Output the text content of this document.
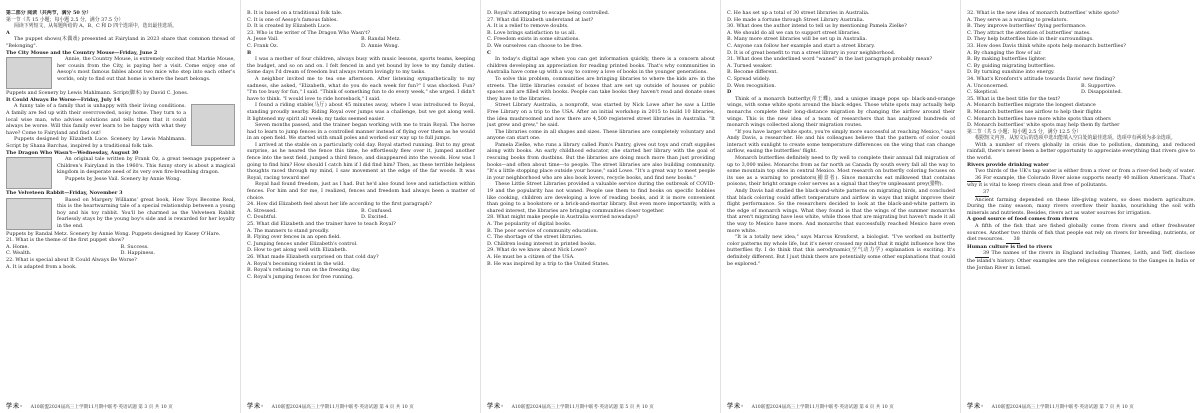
第二部分 阅读（共两节，满分 50 分）

第一节（共 15 小题；每小题 2.5 分，满分 37.5 分）

阅读下列短文，从每题所给的 A、B、C 和 D 四个选项中，选出最佳选项。

A

The puppet shows(木偶戏) presented at Fairyland in 2023 share that common thread of "Belonging".

The City Mouse and the Country Mouse—Friday, June 2

Annie, the Country Mouse, is extremely excited that Markie Mouse, her cousin from the City, is paying her a visit. Come enjoy one of Aesop's most famous fables about two mice who step into each other's worlds, only to find out that home is where the heart belongs.

Puppets and Scenery by Lewis Mahlmann. Script(脚本) by David C. Jones.

It Could Always Be Worse—Friday, July 14

A funny tale of a family that is unhappy with their living conditions. A family are fed up with their overcrowded, noisy home. They turn to a local wise man, who advises solutions and tells them that it could always be worse. Will this family ever learn to be happy with what they have? Come to Fairyland and find out!

Puppets designed by Elizabeth Luce. Scenery by Lewis Mahlmann. Script by Shana Barchas, inspired by a traditional folk tale.

The Dragon Who Wasn't—Wednesday, August 30

An original tale written by Frank Oz, a great teenage puppeteer a Children's Fairyland in the 1960's. This funny story is about a magical kingdom in desperate need of its very own fire-breathing dragon.

Puppets by Jesse Vail. Scenery by Annie Wong.

The Velveteen Rabbit—Friday, November 3

Based on Margery Williams' great book, How Toys Become Real, this is the heartwarming tale of a special relationship between a young boy and his toy rabbit. You'll be charmed as the Velveteen Rabbit fearlessly stays by the young boy's side and is rewarded for her loyalty in the end.

Puppets by Randal Metz. Scenery by Annie Wong. Puppets designed by Kasey O'Hare.

21. What is the theme of the first puppet show?

A. Home.	B. Success.

C. Wealth.	D. Happiness.

22. What is special about It Could Always Be Worse?

A. It is adapted from a book.

学未· A10联盟2024届高三上学期11月期中联考·英语试题 第 3 页 共 10 页

B. It is based on a traditional folk tale.

C. It is one of Aesop's famous fables.

D. It is created by Elizabeth Luce.

23. Who is the writer of The Dragon Who Wasn't?

A. Jesse Vail.	B. Randal Metz.

C. Frank Oz.	D. Annie Wong.

B

I was a mother of four children, always busy with music lessons, sports teams, keeping the budget, and so on and on. I felt fenced in and yet bound by love to my family duties. Some days I'd dream of freedom but always return lovingly to my tasks.

A neighbor invited me to tea one afternoon. After listening sympathetically to my sadness, she asked, "Elizabeth, what do you do each week for fun?" I was shocked. Fun? "I'm too busy for fun," I said. "Think of something fun to do every week," she urged. I didn't have to think. "I would love to ride horseback," I said.

I found a riding stable(马厅) about 45 minutes away, where I was introduced to Royal, standing proudly nearby. Riding Royal over jumps was a challenge, but we got along well. It lightened my spirit all week; my tasks seemed easier.

Seven months passed, and the trainer began working with me to train Royal. The horse had to learn to jump fences in a controlled manner instead of flying over them as he would in an open field. We started with small poles and worked our way up to full jumps.

I arrived at the stable on a particularly cold day. Royal started running. But to my great surprise, as he neared the fence this time, he effortlessly flew over it, jumped another fence into the next field, jumped a third fence, and disappeared into the woods. How was I going to find him? How should I catch him if I did find him? Then, as these terrible helpless thoughts raced through my mind, I saw movement at the edge of the far woods. It was Royal, racing toward me!

Royal had found freedom, just as I had. But he'd also found love and satisfaction within fences. For him and for me, I realized, fences and freedom had always been a matter of choice.

24. How did Elizabeth feel about her life according to the first paragraph?

A. Stressed.	B. Confused.

C. Doubtful.	D. Excited.

25. What did Elizabeth and the trainer have to teach Royal?

A. The manners to stand proudly.

B. Flying over fences in an open field.

C. Jumping fences under Elizabeth's control.

D. How to get along well with Elizabeth.

26. What made Elizabeth surprised on that cold day?

A. Royal's becoming violent in the wild.

B. Royal's refusing to run on the freezing day.

C. Royal's jumping fences for free running.

学未· A10联盟2024届高三上学期11月期中联考·英语试题 第 4 页 共 10 页

D. Royal's attempting to escape being controlled.

27. What did Elizabeth understand at last?

A. It is a relief to remove doubts.

B. Love brings satisfaction to us all.

C. Freedom exists in some situations.

D. We ourselves can choose to be free.

C

In today's digital age when you can get information quickly, there is a concern about children developing an appreciation for reading printed books. That's why communities in Australia have come up with a way to convey a love of books in the younger generations.

To solve this problem, communities are bringing libraries to where the kids are: in the streets. The little libraries consist of boxes that are set up outside of houses or public spaces and are filled with books. People can take books they haven't read and donate ones they have to the libraries.

Street Library Australia, a nonprofit, was started by Nick Lowe after he saw a Little Free Library on a trip to the USA. After an initial workshop in 2015 to build 10 libraries, the idea mushroomed and now there are 4,500 registered street libraries in Australia. "It just grew and grew," he said.

The libraries come in all shapes and sizes. These libraries are completely voluntary and anyone can start one.

Pamela Zielke, who runs a library called Pam's Pantry, gives out toys and craft supplies along with books. An early childhood educator, she started her library with the goal of rescuing books from dustbins. But the libraries are doing much more than just providing books—and often about time—to people. The street libraries are also building community. "It's a little stopping place outside your house," said Lowe. "It's a great way to meet people in your neighborhood who are also book lovers, recycle books, and find new books."

These Little Street Libraries provided a valuable service during the outbreak of COVID-19 and the popularity has not waned. People use them to find books on specific hobbies like cooking, children are developing a love of reading books, and it is more convenient than going to a bookstore or a brick-and-mortar library. But even more importantly, with a shared interest, the libraries are bringing communities closer together.

28. What might make people in Australia worried nowadays?

A. The popularity of digital books.

B. The poor service of community education.

C. The shortage of the street libraries.

D. Children losing interest in printed books.

29. What do we know about Nick Lowe?

A. He must be a citizen of the USA.

B. He was inspired by a trip to the United States.

学未· A10联盟2024届高三上学期11月期中联考·英语试题 第 5 页 共 10 页

C. He has set up a total of 30 street libraries in Australia.

D. He made a fortune through Street Library Australia.

30. What does the author intend to tell us by mentioning Pamela Zielke?

A. We should do all we can to support street libraries.

B. Many more street libraries will be set up in Australia.

C. Anyone can follow her example and start a street library.

D. It is of great benefit to run a street library in your neighborhood.

31. What does the underlined word "waned" in the last paragraph probably mean?

A. Turned weaker.

B. Become different.

C. Spread widely.

D. Won recognition.

D

Think of a monarch butterfly(帝王蝶), and a unique image pops up: black-and-orange wings, with some white spots around the black edges. Those white spots may actually help monarchs complete their long-distance migration by changing the airflow around their wings. This is the new idea of a team of researchers that has analyzed hundreds of monarch wings collected along their migration routes.

"If you have larger white spots, you're simply more successful at reaching Mexico," says Andy Davis, a researcher. He and his colleagues believe that the pattern of color could interact with sunlight to create some temperature differences on the wing that can change airflow, easing the butterflies' flight.

Monarch butterflies definitely need to fly well to complete their annual fall migration of up to 3,000 miles. Monarchs from as far north as Canada fly south every fall all the way to some mountain top sites in central Mexico. Most research on butterfly coloring focuses on its use as a warning to predators(捕食者). Since monarchs eat milkweed that contains poisons, their bright orange color serves as a signal that they're unpleasant prey(猎物).

Andy Davis had studied the black-and-white patterns on migrating birds, and concluded that black coloring could affect temperature and airflow in ways that might improve their flight performance. So the researchers decided to look at the black-and-white pattern in the edge of monarch wings. What they found is that the wings of the summer monarchs that aren't migrating have less white, while those that are migrating but haven't made it all the way to Mexico have more. And monarchs that successfully reached Mexico have even more white.

"It is a totally new idea," says Marcus Kronforst, a biologist. "I've worked on butterfly color patterns my whole life, but it's never crossed my mind that it might influence how the butterflies fly. I do think that this aerodynamic(空气动力学) explanation is exciting. It's definitely different. But I just think there are potentially some other explanations that could be explored."

学未· A10联盟2024届高三上学期11月期中联考·英语试题 第 6 页 共 10 页

32. What is the new idea of monarch butterflies' white spots?

A. They serve as a warning to predators.

B. They improve butterflies' flying performance.

C. They attract the attention of butterflies' mates.

D. They help butterflies hide in their surroundings.

33. How does Davis think white spots help monarch butterflies?

A. By changing the flow of air.

B. By making butterflies lighter.

C. By guiding migrating butterflies.

D. By turning sunshine into energy.

34. What's Kronforst's attitude towards Davis' new finding?

A. Unconcerned.	B. Supportive.

C. Skeptical.	D. Disappointed.

35. What is the best title for the text?

A. Monarch butterflies migrate the longest distance

B. Monarch butterflies use airflow to help their flights

C. Monarch butterflies have more white spots than others

D. Monarch butterflies' white spots may help them fly farther

第二节（共 5 小题；每小题 2.5 分，满分 12.5 分）

根据短文内容，从短文后的选项中选出能填入空白处的最佳选项。选项中有两项为多余选项。

With a number of rivers globally in crisis due to pollution, damming, and reduced rainfall, there's never been a better opportunity to appreciate everything that rivers give to the world.

Rivers provide drinking water

Two thirds of the UK's tap water is either from a river or from a river-fed body of water. 36 For example, the Colorado River alone supports nearly 40 million Americans. That's why it is vital to keep rivers clean and free of pollutants.

37

Ancient farming depended on these life-giving waters, so does modern agriculture. During the rainy season, many rivers overflow their banks, nourishing the soil with minerals and nutrients. Besides, rivers act as water sources for irrigation.

A good source of food comes from rivers

A fifth of the fish that are fished globally come from rivers and other freshwater sources. Another two thirds of fish that people eat rely on rivers for breeding, nutrients, or diet resources. 38

Human culture is tied to rivers

39 The names of the rivers in England including Thames, Leith, and Teff, disclose the island's history. Other examples are the religious connections to the Ganges in India or the Jordan River in Israel.

学未· A10联盟2024届高三上学期11月期中联考·英语试题 第 7 页 共 10 页
